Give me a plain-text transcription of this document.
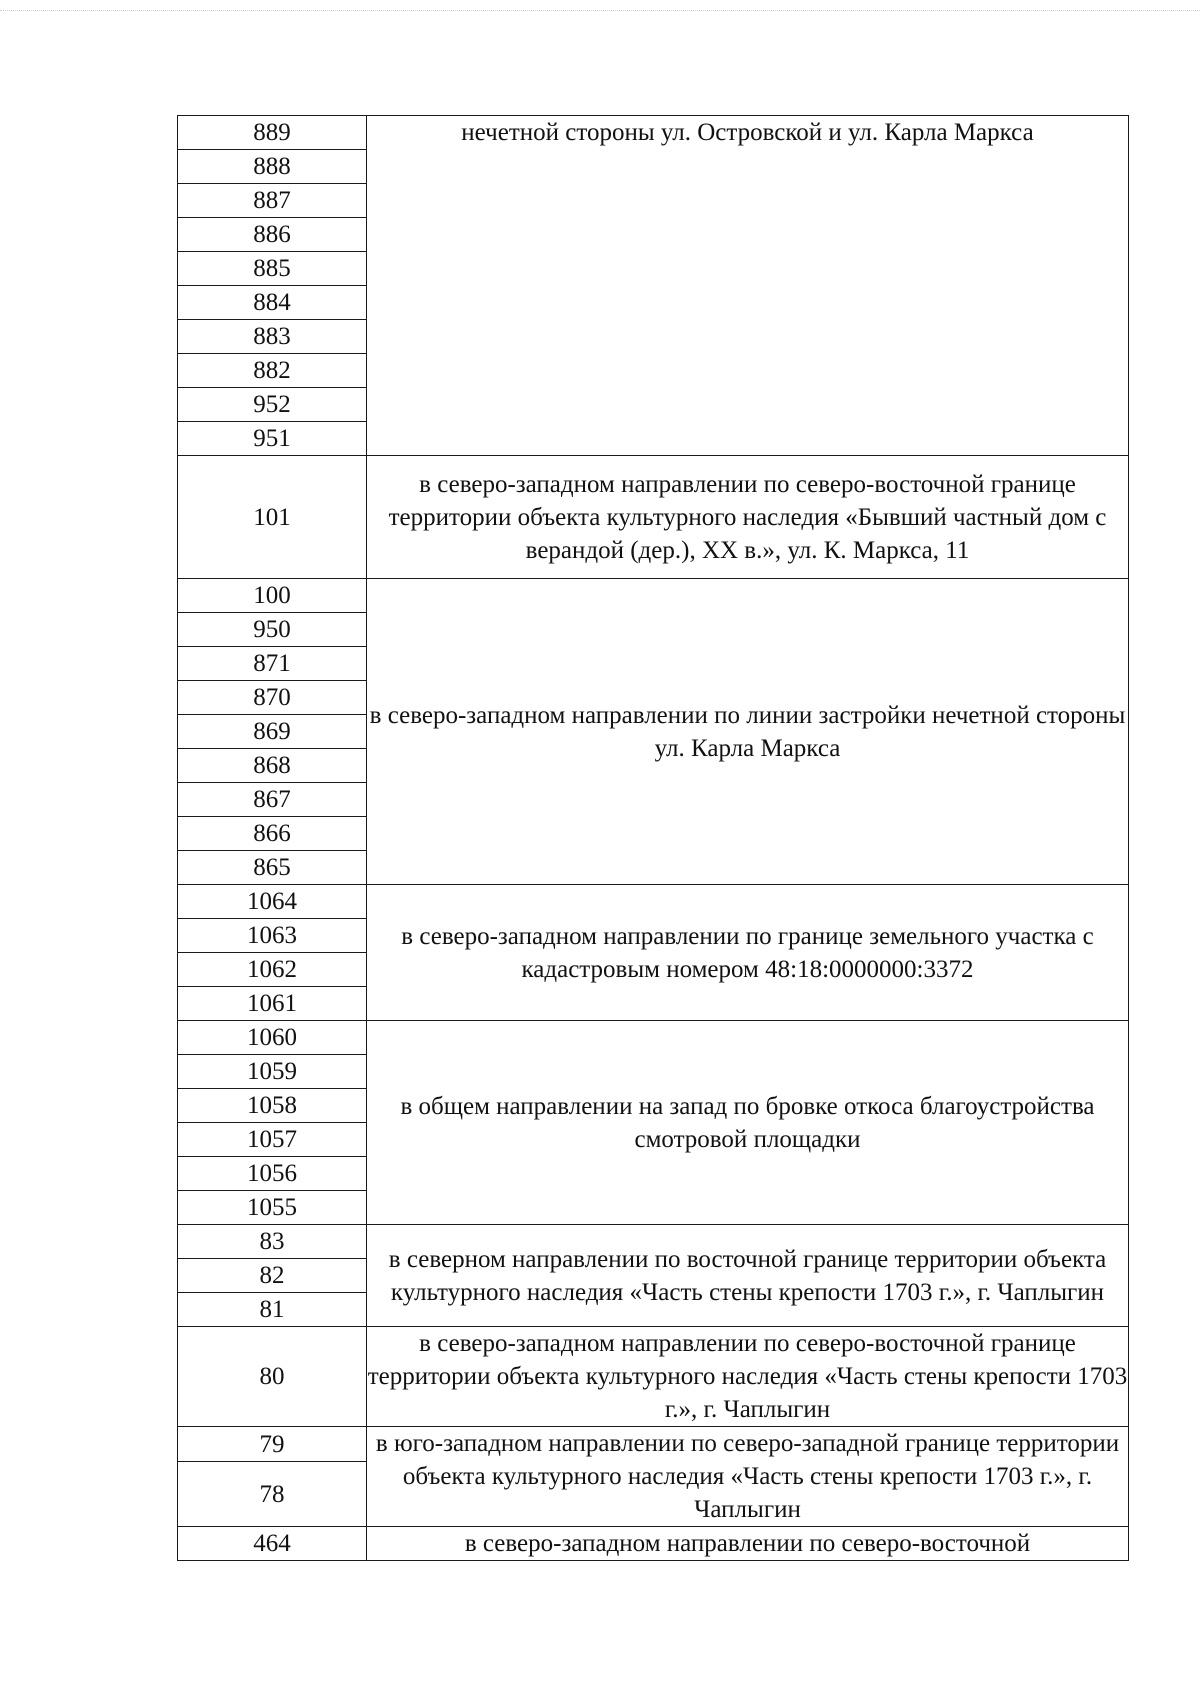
889	нечетной стороны ул. Островской и ул. Карла Маркса
888	
887	
886	
885	
884	
883	
882	
952	
951	
101	в северо-западном направлении по северо-восточной границе территории объекта культурного наследия «Бывший частный дом с верандой (дер.), XX в.», ул. К. Маркса, 11
100	в северо-западном направлении по линии застройки нечетной стороны ул. Карла Маркса
950	
871	
870	
869	
868	
867	
866	
865	
1064	в северо-западном направлении по границе земельного участка с кадастровым номером 48:18:0000000:3372
1063	
1062	
1061	
1060	в общем направлении на запад по бровке откоса благоустройства смотровой площадки
1059	
1058	
1057	
1056	
1055	
83	в северном направлении по восточной границе территории объекта культурного наследия «Часть стены крепости 1703 г.», г. Чаплыгин
82	
81	
80	в северо-западном направлении по северо-восточной границе территории объекта культурного наследия «Часть стены крепости 1703 г.», г. Чаплыгин
79	в юго-западном направлении по северо-западной границе территории объекта культурного наследия «Часть стены крепости 1703 г.», г. Чаплыгин
78	
464	в северо-западном направлении по северо-восточной
